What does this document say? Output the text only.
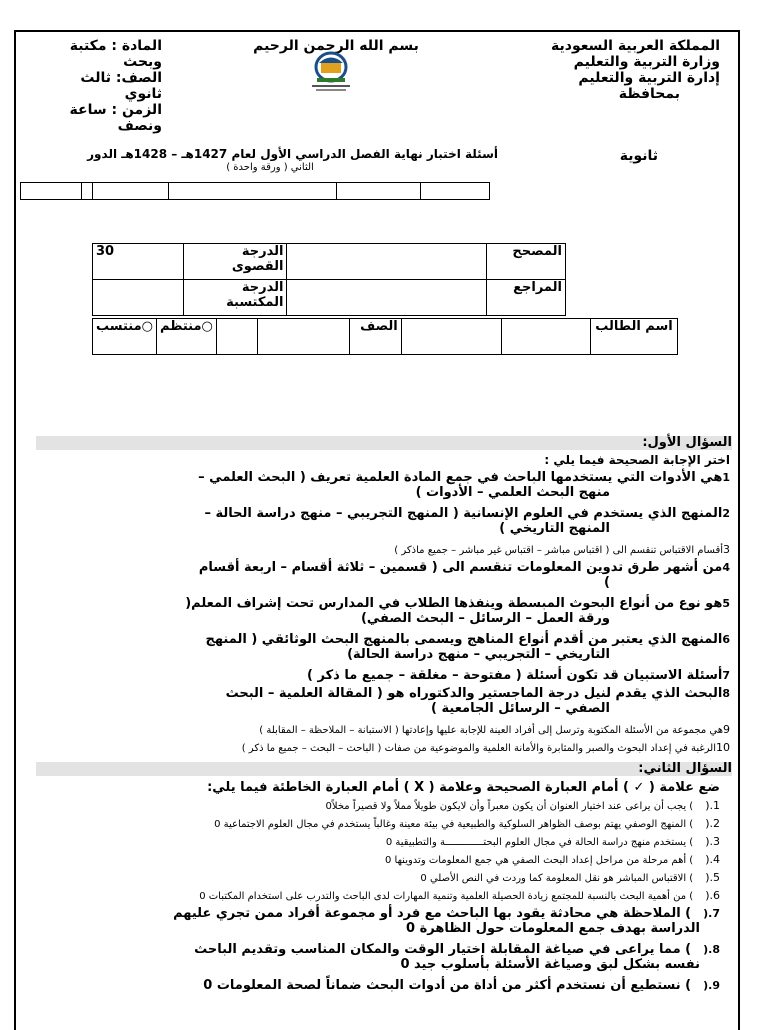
المملكة العربية السعودية
وزارة التربية والتعليم
إدارة التربية والتعليم
بمحافظة
بسم الله الرحمن الرحيم
المادة : مكتبة
وبحث
الصف: ثالث
ثانوي
الزمن : ساعة
ونصف
ثانوية
أسئلة اختبار نهاية الفصل الدراسي الأول لعام 1427هـ – 1428هـ الدور
الثاني ( ورقة واحدة )

30	الدرجة القصوى		المصحح
	الدرجة المكتسبة		المراجع
○منتسب	○منتظم			الصف			اسم الطالب
السؤال الأول:
اختر الإجابة الصحيحة فيما يلي :
1هي الأدوات التي يستخدمها الباحث في جمع المادة العلمية تعريف ( البحث العلمي –
منهج البحث العلمي – الأدوات )
2المنهج الذي يستخدم في العلوم الإنسانية ( المنهج التجريبي – منهج دراسة الحالة –
المنهج التاريخي )
3أقسام الاقتباس تنقسم الى ( اقتباس مباشر – اقتباس غير مباشر – جميع ماذكر )
4من أشهر طرق تدوين المعلومات تنقسم الى ( قسمين – ثلاثة أقسام – اربعة أقسام
)
5هو نوع من أنواع البحوث المبسطة وينفذها الطلاب في المدارس تحت إشراف المعلم(
ورقة العمل – الرسائل – البحث الصفي)
6المنهج الذي يعتبر من أقدم أنواع المناهج ويسمى بالمنهج البحث الوثائقي ( المنهج
التاريخي – التجريبي – منهج دراسة الحالة)
7أسئلة الاستبيان قد تكون أسئلة ( مفتوحة – مغلقة – جميع ما ذكر )
8البحث الذي يقدم لنيل درجة الماجستير والدكتوراه هو ( المقالة العلمية – البحث
الصفي – الرسائل الجامعية )
9هي مجموعة من الأسئلة المكتوبة وترسل إلى أفراد العينة للإجابة عليها وإعادتها ( الاستبانة – الملاحظة – المقابلة )
10الرغبة في إعداد البحوث والصبر والمثابرة والأمانة العلمية والموضوعية من صفات ( الباحث – البحث – جميع ما ذكر )
السؤال الثاني:
ضع علامة ( ✓ ) أمام العبارة الصحيحة وعلامة ( X ) أمام العبارة الخاطئة فيما يلي:
1.() يجب أن يراعى عند اختيار العنوان أن يكون معبراً وأن لايكون طويلاً مملاً ولا قصيراً مخلاً0
2.() المنهج الوصفي يهتم بوصف الظواهر السلوكية والطبيعية في بيئة معينة وغالباً يستخدم في مجال العلوم الاجتماعية 0
3.() يستخدم منهج دراسة الحالة في مجال العلوم البحتـــــــــــــة والتطبيقية 0
4.() أهم مرحلة من مراحل إعداد البحث الصفي هي جمع المعلومات وتدوينها 0
5.() الاقتباس المباشر هو نقل المعلومة كما وردت في النص الأصلي 0
6.() من أهمية البحث بالنسبة للمجتمع زيادة الحصيلة العلمية وتنمية المهارات لدى الباحث والتدرب على استخدام المكتبات 0
7.() الملاحظة هي محادثة يقود بها الباحث مع فرد أو مجموعة أفراد ممن تجري عليهم
الدراسة بهدف جمع المعلومات حول الظاهرة 0
8.() مما يراعى في صياغة المقابلة اختيار الوقت والمكان المناسب وتقديم الباحث
نفسه بشكل لبق وصياغة الأسئلة بأسلوب جيد 0
9.() نستطيع أن نستخدم أكثر من أداة من أدوات البحث ضماناً لصحة المعلومات 0
